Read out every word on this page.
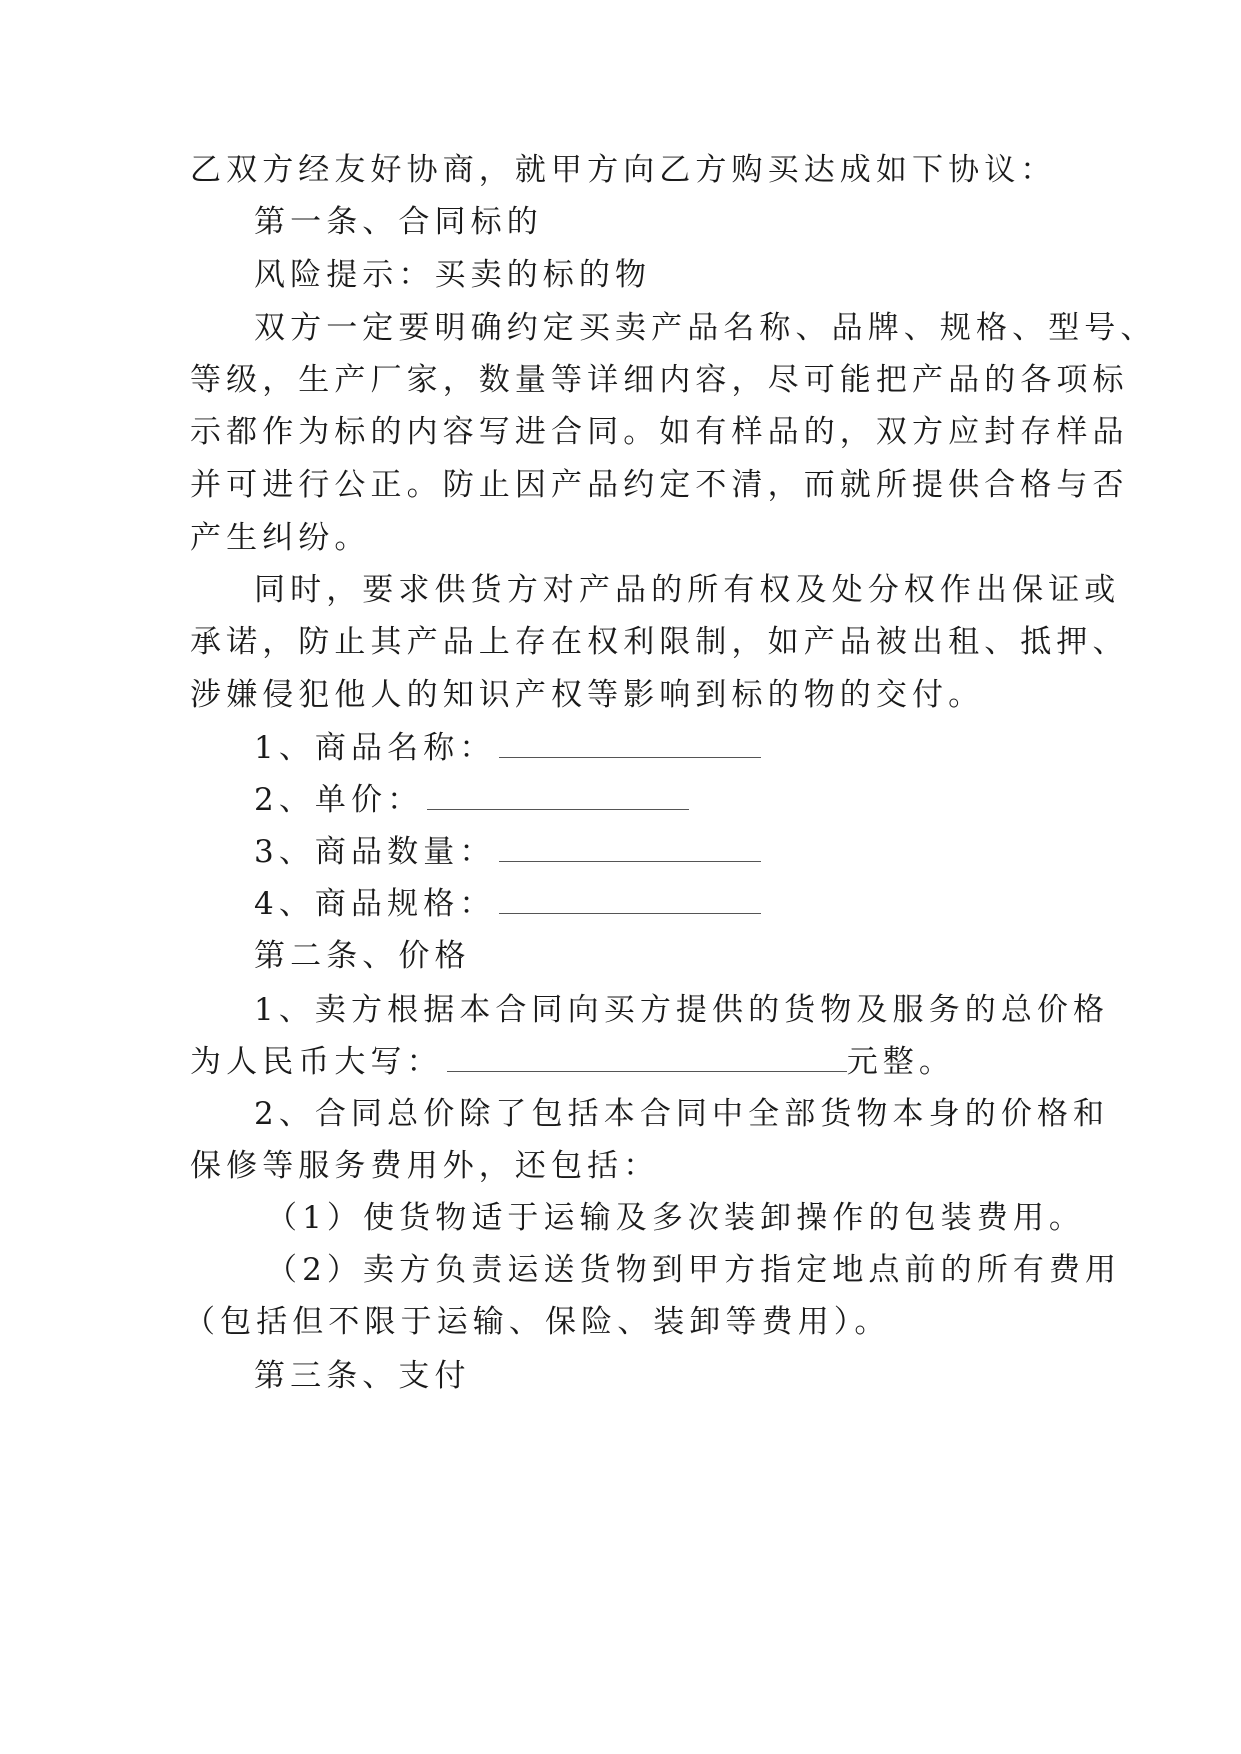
乙双方经友好协商，就甲方向乙方购买达成如下协议：
第一条、合同标的
风险提示：买卖的标的物
双方一定要明确约定买卖产品名称、品牌、规格、型号、
等级，生产厂家，数量等详细内容，尽可能把产品的各项标
示都作为标的内容写进合同。如有样品的，双方应封存样品
并可进行公正。防止因产品约定不清，而就所提供合格与否
产生纠纷。
同时，要求供货方对产品的所有权及处分权作出保证或
承诺，防止其产品上存在权利限制，如产品被出租、抵押、
涉嫌侵犯他人的知识产权等影响到标的物的交付。
1、商品名称：
2、单价：
3、商品数量：
4、商品规格：
第二条、价格
1、卖方根据本合同向买方提供的货物及服务的总价格
为人民币大写：	元整。
2、合同总价除了包括本合同中全部货物本身的价格和
保修等服务费用外，还包括：
（1）使货物适于运输及多次装卸操作的包装费用。
（2）卖方负责运送货物到甲方指定地点前的所有费用
（包括但不限于运输、保险、装卸等费用）。
第三条、支付
